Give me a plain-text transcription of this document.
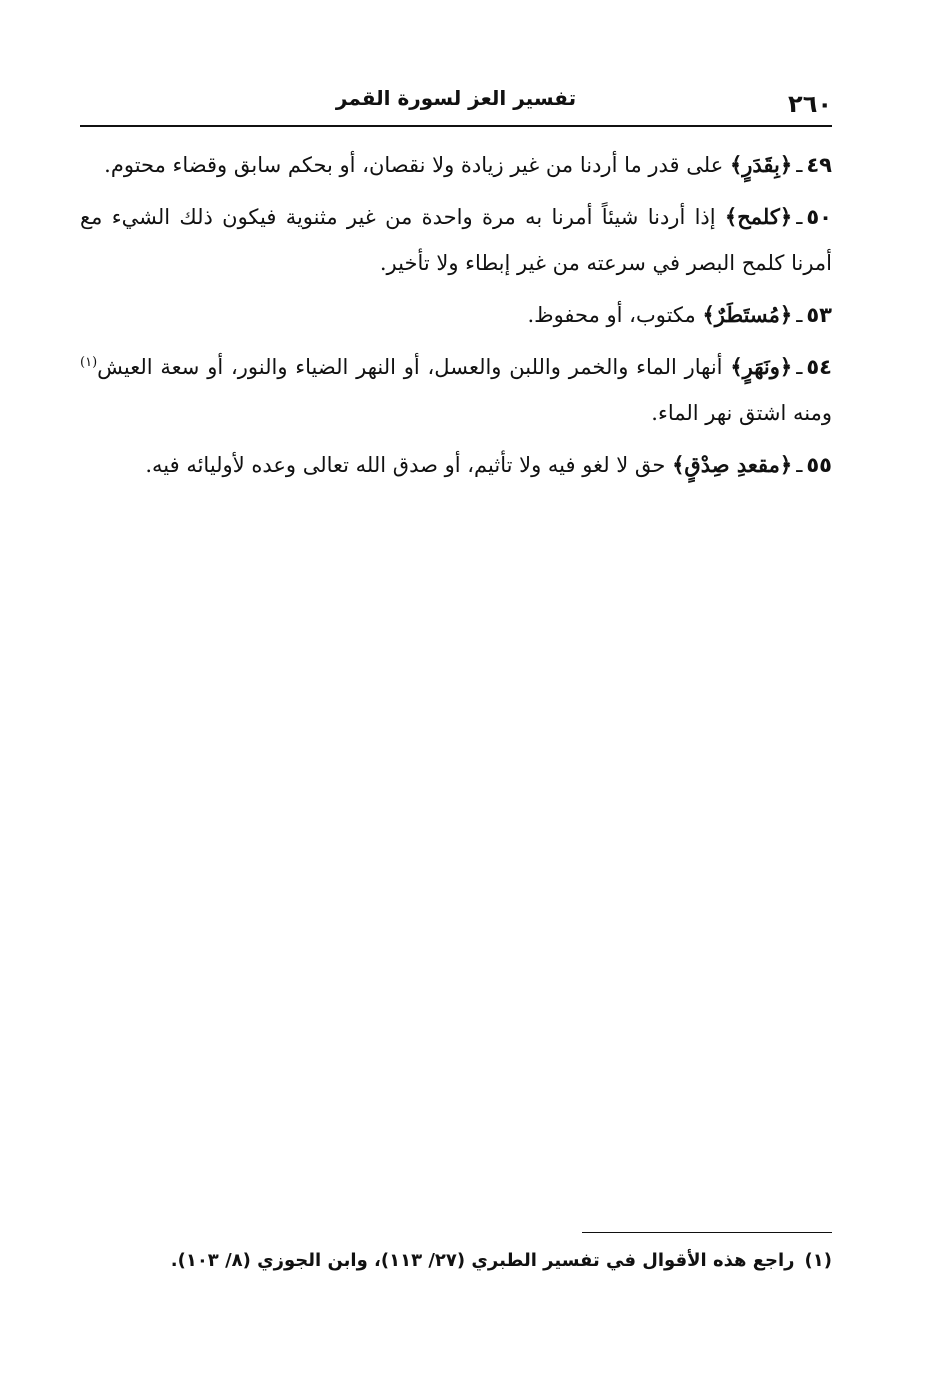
٢٦٠
تفسير العز لسورة القمر

٤٩ـ﴿بِقَدَرٍ﴾ على قدر ما أردنا من غير زيادة ولا نقصان، أو بحكم سابق وقضاء محتوم.

٥٠ـ﴿كلمح﴾ إذا أردنا شيئاً أمرنا به مرة واحدة من غير مثنوية فيكون ذلك الشيء مع أمرنا كلمح البصر في سرعته من غير إبطاء ولا تأخير.

٥٣ـ﴿مُستَطَرٌ﴾ مكتوب، أو محفوظ.

٥٤ـ﴿ونَهَرٍ﴾ أنهار الماء والخمر واللبن والعسل، أو النهر الضياء والنور، أو سعة العيش$^{(١)}$ ومنه اشتق نهر الماء.

٥٥ـ﴿مقعدِ صِدْقٍ﴾ حق لا لغو فيه ولا تأثيم، أو صدق الله تعالى وعده لأوليائه فيه.

(١)راجع هذه الأقوال في تفسير الطبري (٢٧/ ١١٣)، وابن الجوزي (٨/ ١٠٣).
